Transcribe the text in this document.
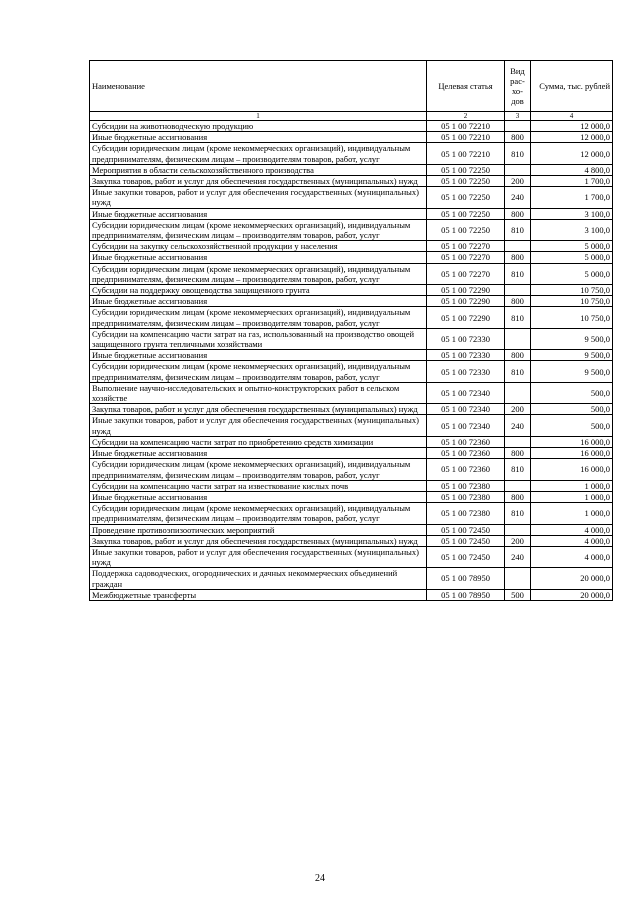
Наименование	Целевая статья	Вид рас-хо-дов	Сумма, тыс. рублей
1	2	3	4
Субсидии на животноводческую продукцию	05 1 00 72210		12 000,0
Иные бюджетные ассигнования	05 1 00 72210	800	12 000,0
Субсидии юридическим лицам (кроме некоммерческих организаций), индивидуальным предпринимателям, физическим лицам – производителям товаров, работ, услуг	05 1 00 72210	810	12 000,0
Мероприятия в области сельскохозяйственного производства	05 1 00 72250		4 800,0
Закупка товаров, работ и услуг для обеспечения государственных (муниципальных) нужд	05 1 00 72250	200	1 700,0
Иные закупки товаров, работ и услуг для обеспечения государственных (муниципальных) нужд	05 1 00 72250	240	1 700,0
Иные бюджетные ассигнования	05 1 00 72250	800	3 100,0
Субсидии юридическим лицам (кроме некоммерческих организаций), индивидуальным предпринимателям, физическим лицам – производителям товаров, работ, услуг	05 1 00 72250	810	3 100,0
Субсидии на закупку сельскохозяйственной продукции у населения	05 1 00 72270		5 000,0
Иные бюджетные ассигнования	05 1 00 72270	800	5 000,0
Субсидии юридическим лицам (кроме некоммерческих организаций), индивидуальным предпринимателям, физическим лицам – производителям товаров, работ, услуг	05 1 00 72270	810	5 000,0
Субсидии на поддержку овощеводства защищенного грунта	05 1 00 72290		10 750,0
Иные бюджетные ассигнования	05 1 00 72290	800	10 750,0
Субсидии юридическим лицам (кроме некоммерческих организаций), индивидуальным предпринимателям, физическим лицам – производителям товаров, работ, услуг	05 1 00 72290	810	10 750,0
Субсидии на компенсацию части затрат на газ, использованный на производство овощей защищенного грунта тепличными хозяйствами	05 1 00 72330		9 500,0
Иные бюджетные ассигнования	05 1 00 72330	800	9 500,0
Субсидии юридическим лицам (кроме некоммерческих организаций), индивидуальным предпринимателям, физическим лицам – производителям товаров, работ, услуг	05 1 00 72330	810	9 500,0
Выполнение научно-исследовательских и опытно-конструкторских работ в сельском хозяйстве	05 1 00 72340		500,0
Закупка товаров, работ и услуг для обеспечения государственных (муниципальных) нужд	05 1 00 72340	200	500,0
Иные закупки товаров, работ и услуг для обеспечения государственных (муниципальных) нужд	05 1 00 72340	240	500,0
Субсидии на компенсацию части затрат по приобретению средств химизации	05 1 00 72360		16 000,0
Иные бюджетные ассигнования	05 1 00 72360	800	16 000,0
Субсидии юридическим лицам (кроме некоммерческих организаций), индивидуальным предпринимателям, физическим лицам – производителям товаров, работ, услуг	05 1 00 72360	810	16 000,0
Субсидии на компенсацию части затрат на известкование кислых почв	05 1 00 72380		1 000,0
Иные бюджетные ассигнования	05 1 00 72380	800	1 000,0
Субсидии юридическим лицам (кроме некоммерческих организаций), индивидуальным предпринимателям, физическим лицам – производителям товаров, работ, услуг	05 1 00 72380	810	1 000,0
Проведение противоэпизоотических мероприятий	05 1 00 72450		4 000,0
Закупка товаров, работ и услуг для обеспечения государственных (муниципальных) нужд	05 1 00 72450	200	4 000,0
Иные закупки товаров, работ и услуг для обеспечения государственных (муниципальных) нужд	05 1 00 72450	240	4 000,0
Поддержка садоводческих, огороднических и дачных некоммерческих объединений граждан	05 1 00 78950		20 000,0
Межбюджетные трансферты	05 1 00 78950	500	20 000,0
24
